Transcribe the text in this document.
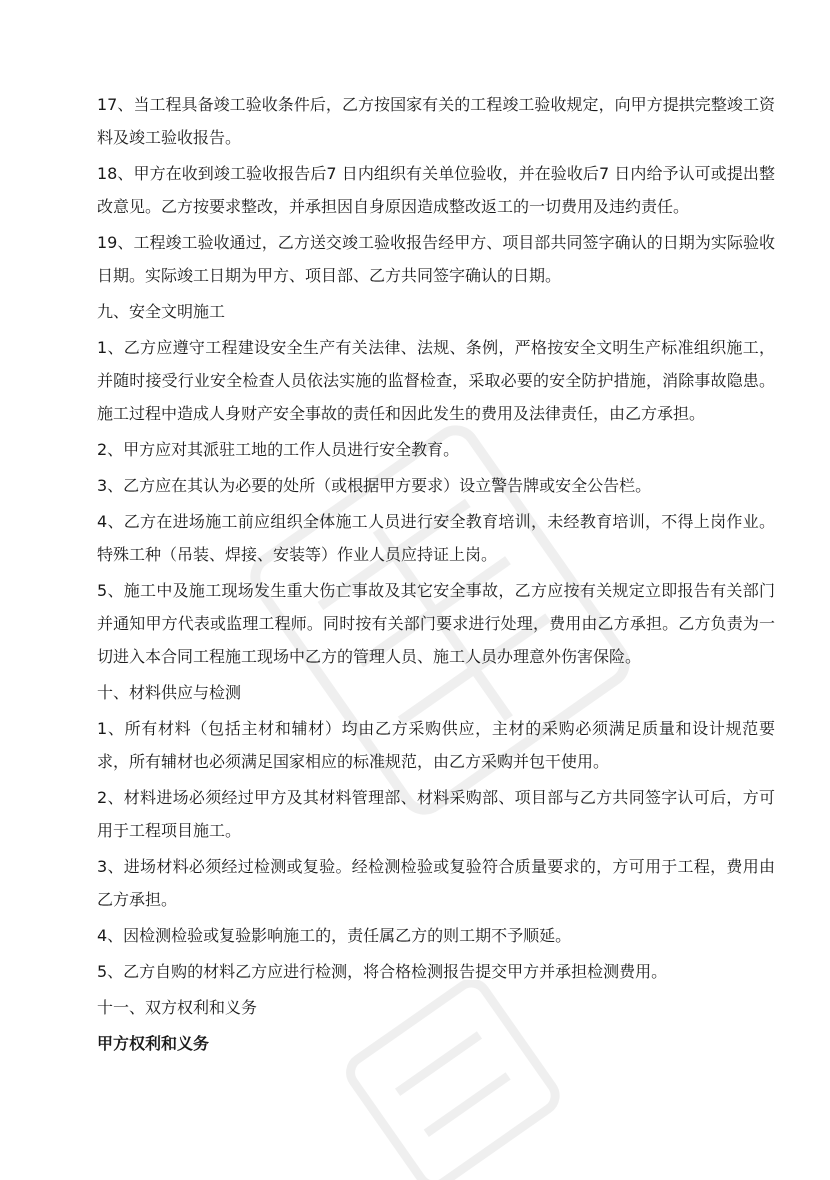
17、当工程具备竣工验收条件后，乙方按国家有关的工程竣工验收规定，向甲方提拱完整竣工资料及竣工验收报告。

18、甲方在收到竣工验收报告后7 日内组织有关单位验收，并在验收后7 日内给予认可或提出整改意见。乙方按要求整改，并承担因自身原因造成整改返工的一切费用及违约责任。

19、工程竣工验收通过，乙方送交竣工验收报告经甲方、项目部共同签字确认的日期为实际验收日期。实际竣工日期为甲方、项目部、乙方共同签字确认的日期。

九、安全文明施工

1、乙方应遵守工程建设安全生产有关法律、法规、条例，严格按安全文明生产标准组织施工，并随时接受行业安全检查人员依法实施的监督检查，采取必要的安全防护措施，消除事故隐患。施工过程中造成人身财产安全事故的责任和因此发生的费用及法律责任，由乙方承担。

2、甲方应对其派驻工地的工作人员进行安全教育。

3、乙方应在其认为必要的处所（或根据甲方要求）设立警告牌或安全公告栏。

4、乙方在进场施工前应组织全体施工人员进行安全教育培训，未经教育培训，不得上岗作业。特殊工种（吊装、焊接、安装等）作业人员应持证上岗。

5、施工中及施工现场发生重大伤亡事故及其它安全事故，乙方应按有关规定立即报告有关部门并通知甲方代表或监理工程师。同时按有关部门要求进行处理，费用由乙方承担。乙方负责为一切进入本合同工程施工现场中乙方的管理人员、施工人员办理意外伤害保险。

十、材料供应与检测

1、所有材料（包括主材和辅材）均由乙方采购供应，主材的采购必须满足质量和设计规范要求，所有辅材也必须满足国家相应的标准规范，由乙方采购并包干使用。

2、材料进场必须经过甲方及其材料管理部、材料采购部、项目部与乙方共同签字认可后，方可用于工程项目施工。

3、进场材料必须经过检测或复验。经检测检验或复验符合质量要求的，方可用于工程，费用由乙方承担。

4、因检测检验或复验影响施工的，责任属乙方的则工期不予顺延。

5、乙方自购的材料乙方应进行检测，将合格检测报告提交甲方并承担检测费用。

十一、双方权利和义务

甲方权利和义务
